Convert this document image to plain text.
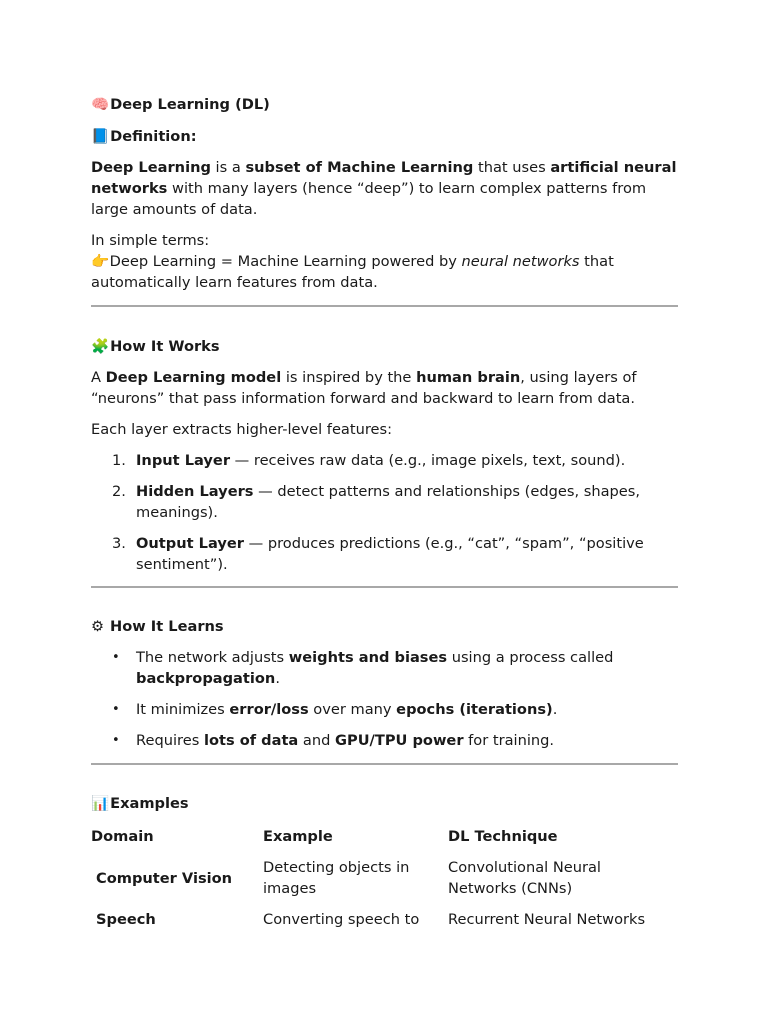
🧠 Deep Learning (DL)

📘 Definition:

Deep Learning is a subset of Machine Learning that uses artificial neural networks with many layers (hence “deep”) to learn complex patterns from large amounts of data.

In simple terms:
👉 Deep Learning = Machine Learning powered by neural networks that automatically learn features from data.

🧩 How It Works

A Deep Learning model is inspired by the human brain, using layers of “neurons” that pass information forward and backward to learn from data.

Each layer extracts higher-level features:

1. Input Layer — receives raw data (e.g., image pixels, text, sound).
2. Hidden Layers — detect patterns and relationships (edges, shapes, meanings).
3. Output Layer — produces predictions (e.g., “cat”, “spam”, “positive sentiment”).

⚙ How It Learns

• The network adjusts weights and biases using a process called backpropagation.
• It minimizes error/loss over many epochs (iterations).
• Requires lots of data and GPU/TPU power for training.

📊 Examples

Domain	Example	DL Technique
Computer Vision	Detecting objects in images	Convolutional Neural Networks (CNNs)
Speech	Converting speech to	Recurrent Neural Networks
